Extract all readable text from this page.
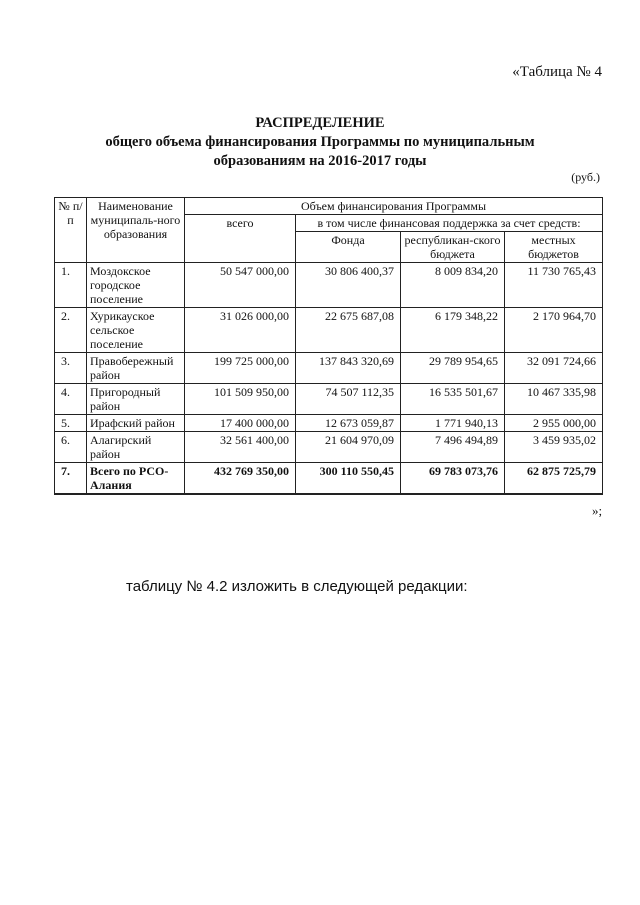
«Таблица № 4
РАСПРЕДЕЛЕНИЕ
общего объема финансирования Программы по муниципальным
образованиям на 2016-2017 годы
(руб.)
№ п/п	Наименование муниципаль-ного образования	Объем финансирования Программы			
		всего	в том числе финансовая поддержка за счет средств:		
			Фонда	республикан-ского бюджета	местных бюджетов
1.	Моздокское городское поселение	50 547 000,00	30 806 400,37	8 009 834,20	11 730 765,43
2.	Хурикауское сельское поселение	31 026 000,00	22 675 687,08	6 179 348,22	2 170 964,70
3.	Правобережный район	199 725 000,00	137 843 320,69	29 789 954,65	32 091 724,66
4.	Пригородный район	101 509 950,00	74 507 112,35	16 535 501,67	10 467 335,98
5.	Ирафский район	17 400 000,00	12 673 059,87	1 771 940,13	2 955 000,00
6.	Алагирский район	32 561 400,00	21 604 970,09	7 496 494,89	3 459 935,02
7.	Всего по РСО-Алания	432 769 350,00	300 110 550,45	69 783 073,76	62 875 725,79
»;
таблицу № 4.2 изложить в следующей редакции:
